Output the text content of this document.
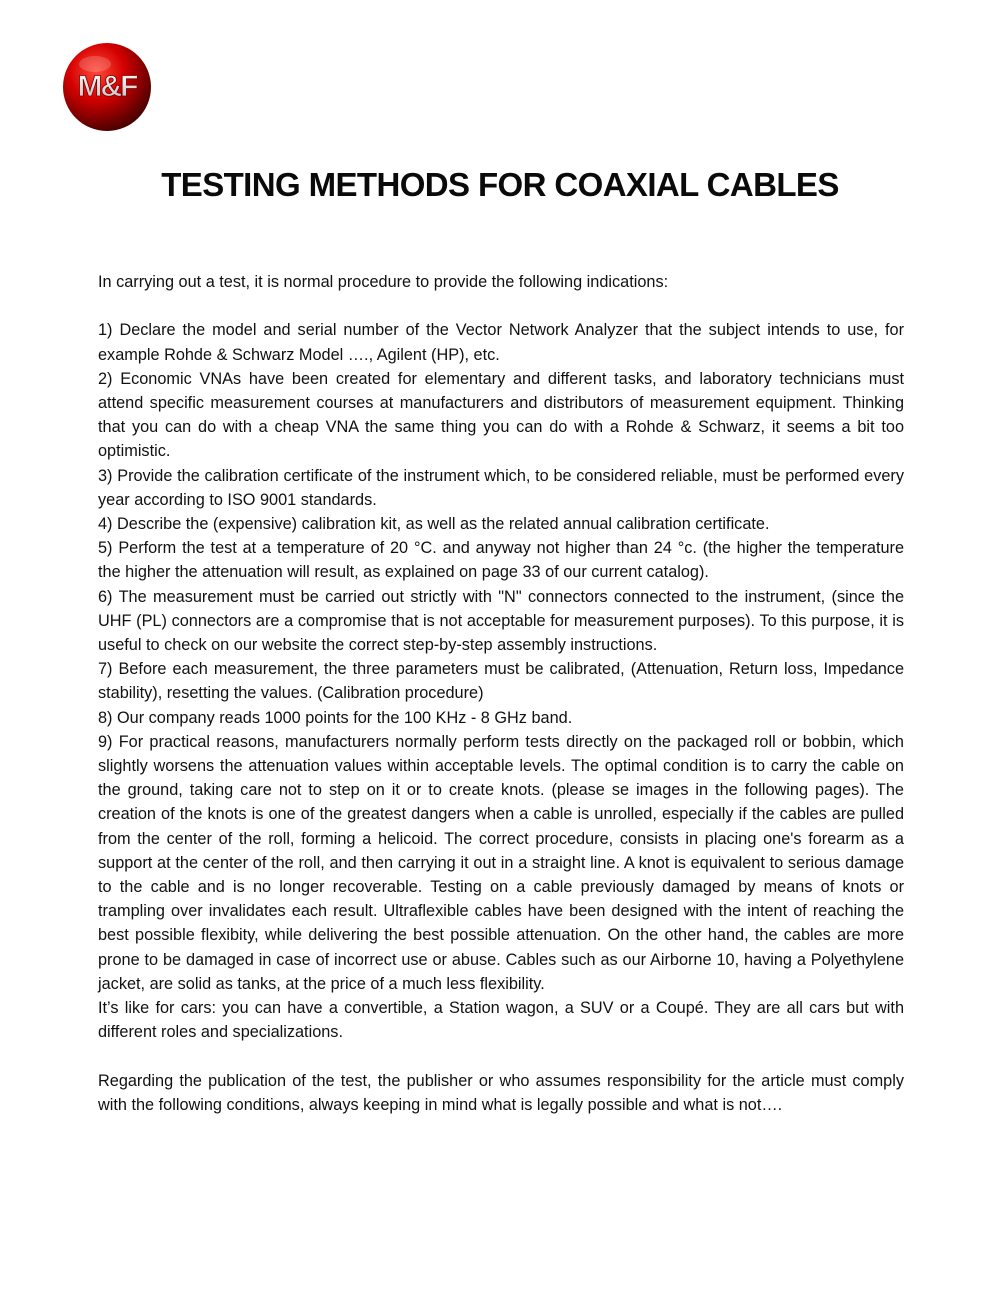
M&F
TESTING METHODS FOR COAXIAL CABLES

In carrying out a test, it is normal procedure to provide the following indications:

1) Declare the model and serial number of the Vector Network Analyzer that the subject intends to use, for example Rohde & Schwarz Model …., Agilent (HP), etc.

2) Economic VNAs have been created for elementary and different tasks, and laboratory technicians must attend specific measurement courses at manufacturers and distributors of measurement equipment. Thinking that you can do with a cheap VNA the same thing you can do with a Rohde & Schwarz, it seems a bit too optimistic.

3) Provide the calibration certificate of the instrument which, to be considered reliable, must be performed every year according to ISO 9001 standards.

4) Describe the (expensive) calibration kit, as well as the related annual calibration certificate.

5) Perform the test at a temperature of 20 °C. and anyway not higher than 24 °c. (the higher the temperature the higher the attenuation will result, as explained on page 33 of our current catalog).

6) The measurement must be carried out strictly with "N" connectors connected to the instrument, (since the UHF (PL) connectors are a compromise that is not acceptable for measurement purposes). To this purpose, it is useful to check on our website the correct step-by-step assembly instructions.

7) Before each measurement, the three parameters must be calibrated, (Attenuation, Return loss, Impedance stability), resetting the values. (Calibration procedure)

8) Our company reads 1000 points for the 100 KHz - 8 GHz band.

9) For practical reasons, manufacturers normally perform tests directly on the packaged roll or bobbin, which slightly worsens the attenuation values within acceptable levels. The optimal condition is to carry the cable on the ground, taking care not to step on it or to create knots. (please se images in the following pages). The creation of the knots is one of the greatest dangers when a cable is unrolled, especially if the cables are pulled from the center of the roll, forming a helicoid. The correct procedure, consists in placing one's forearm as a support at the center of the roll, and then carrying it out in a straight line. A knot is equivalent to serious damage to the cable and is no longer recoverable. Testing on a cable previously damaged by means of knots or trampling over invalidates each result. Ultraflexible cables have been designed with the intent of reaching the best possible flexibity, while delivering the best possible attenuation. On the other hand, the cables are more prone to be damaged in case of incorrect use or abuse. Cables such as our Airborne 10, having a Polyethylene jacket, are solid as tanks, at the price of a much less flexibility.

It’s like for cars: you can have a convertible, a Station wagon, a SUV or a Coupé. They are all cars but with different roles and specializations.

Regarding the publication of the test, the publisher or who assumes responsibility for the article must comply with the following conditions, always keeping in mind what is legally possible and what is not….
